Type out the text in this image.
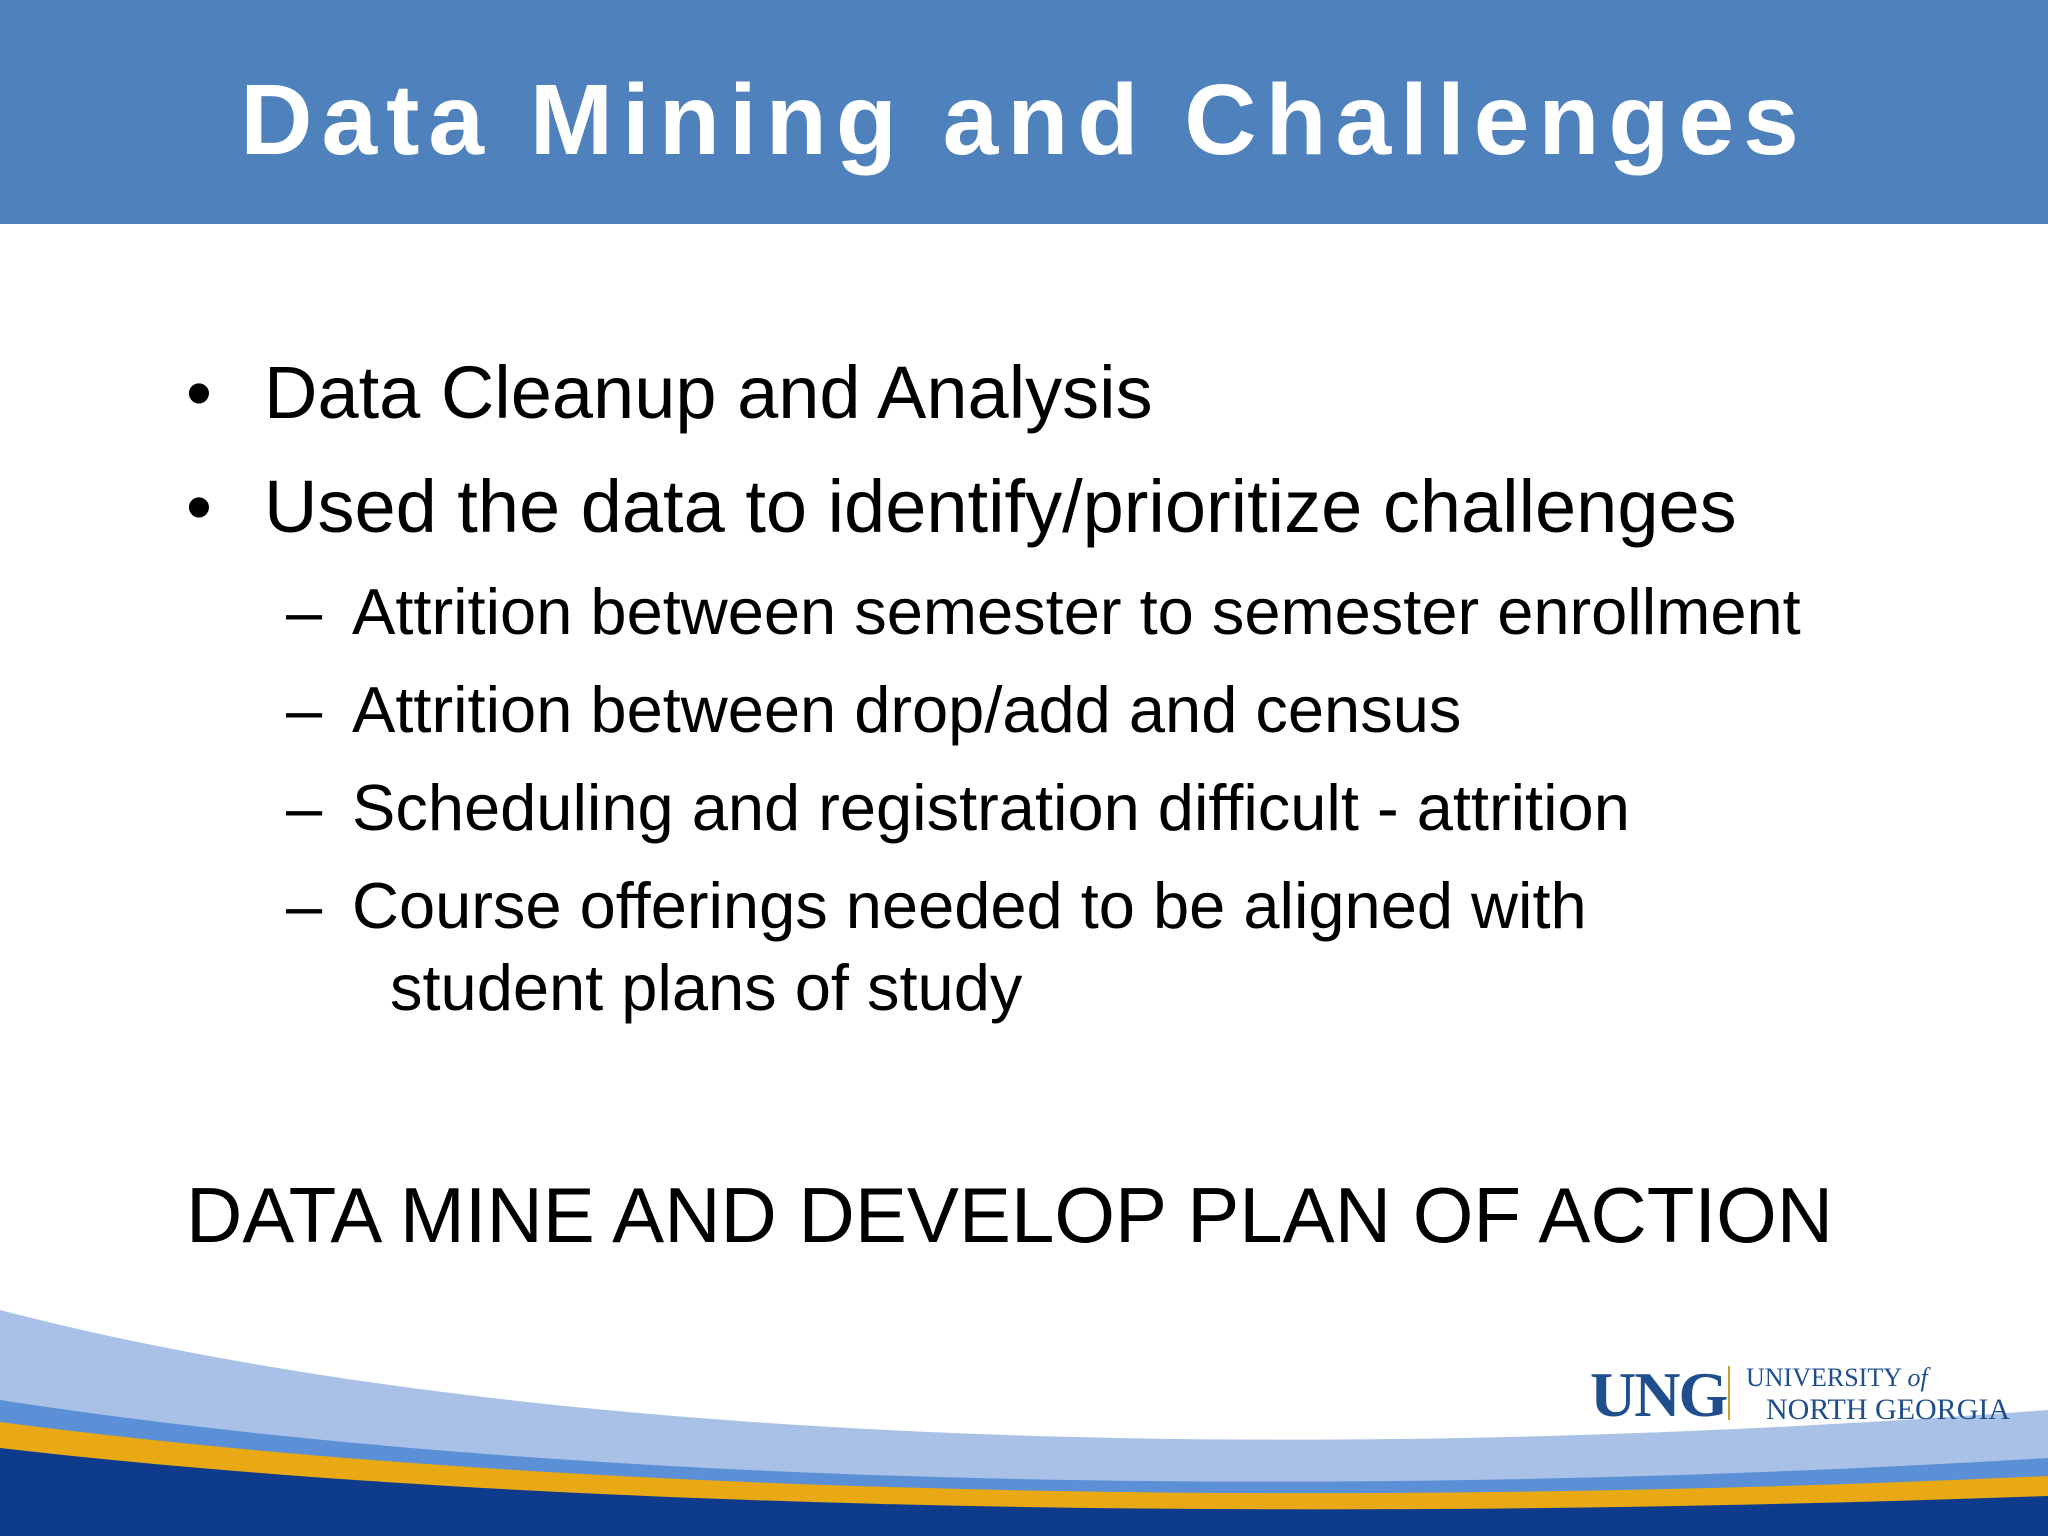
Data Mining and Challenges
• Data Cleanup and Analysis
• Used the data to identify/prioritize challenges
– Attrition between semester to semester enrollment
– Attrition between drop/add and census
– Scheduling and registration difficult - attrition
– Course offerings needed to be aligned with
student plans of study
DATA MINE AND DEVELOP PLAN OF ACTION
UNG UNIVERSITY of
NORTH GEORGIA
